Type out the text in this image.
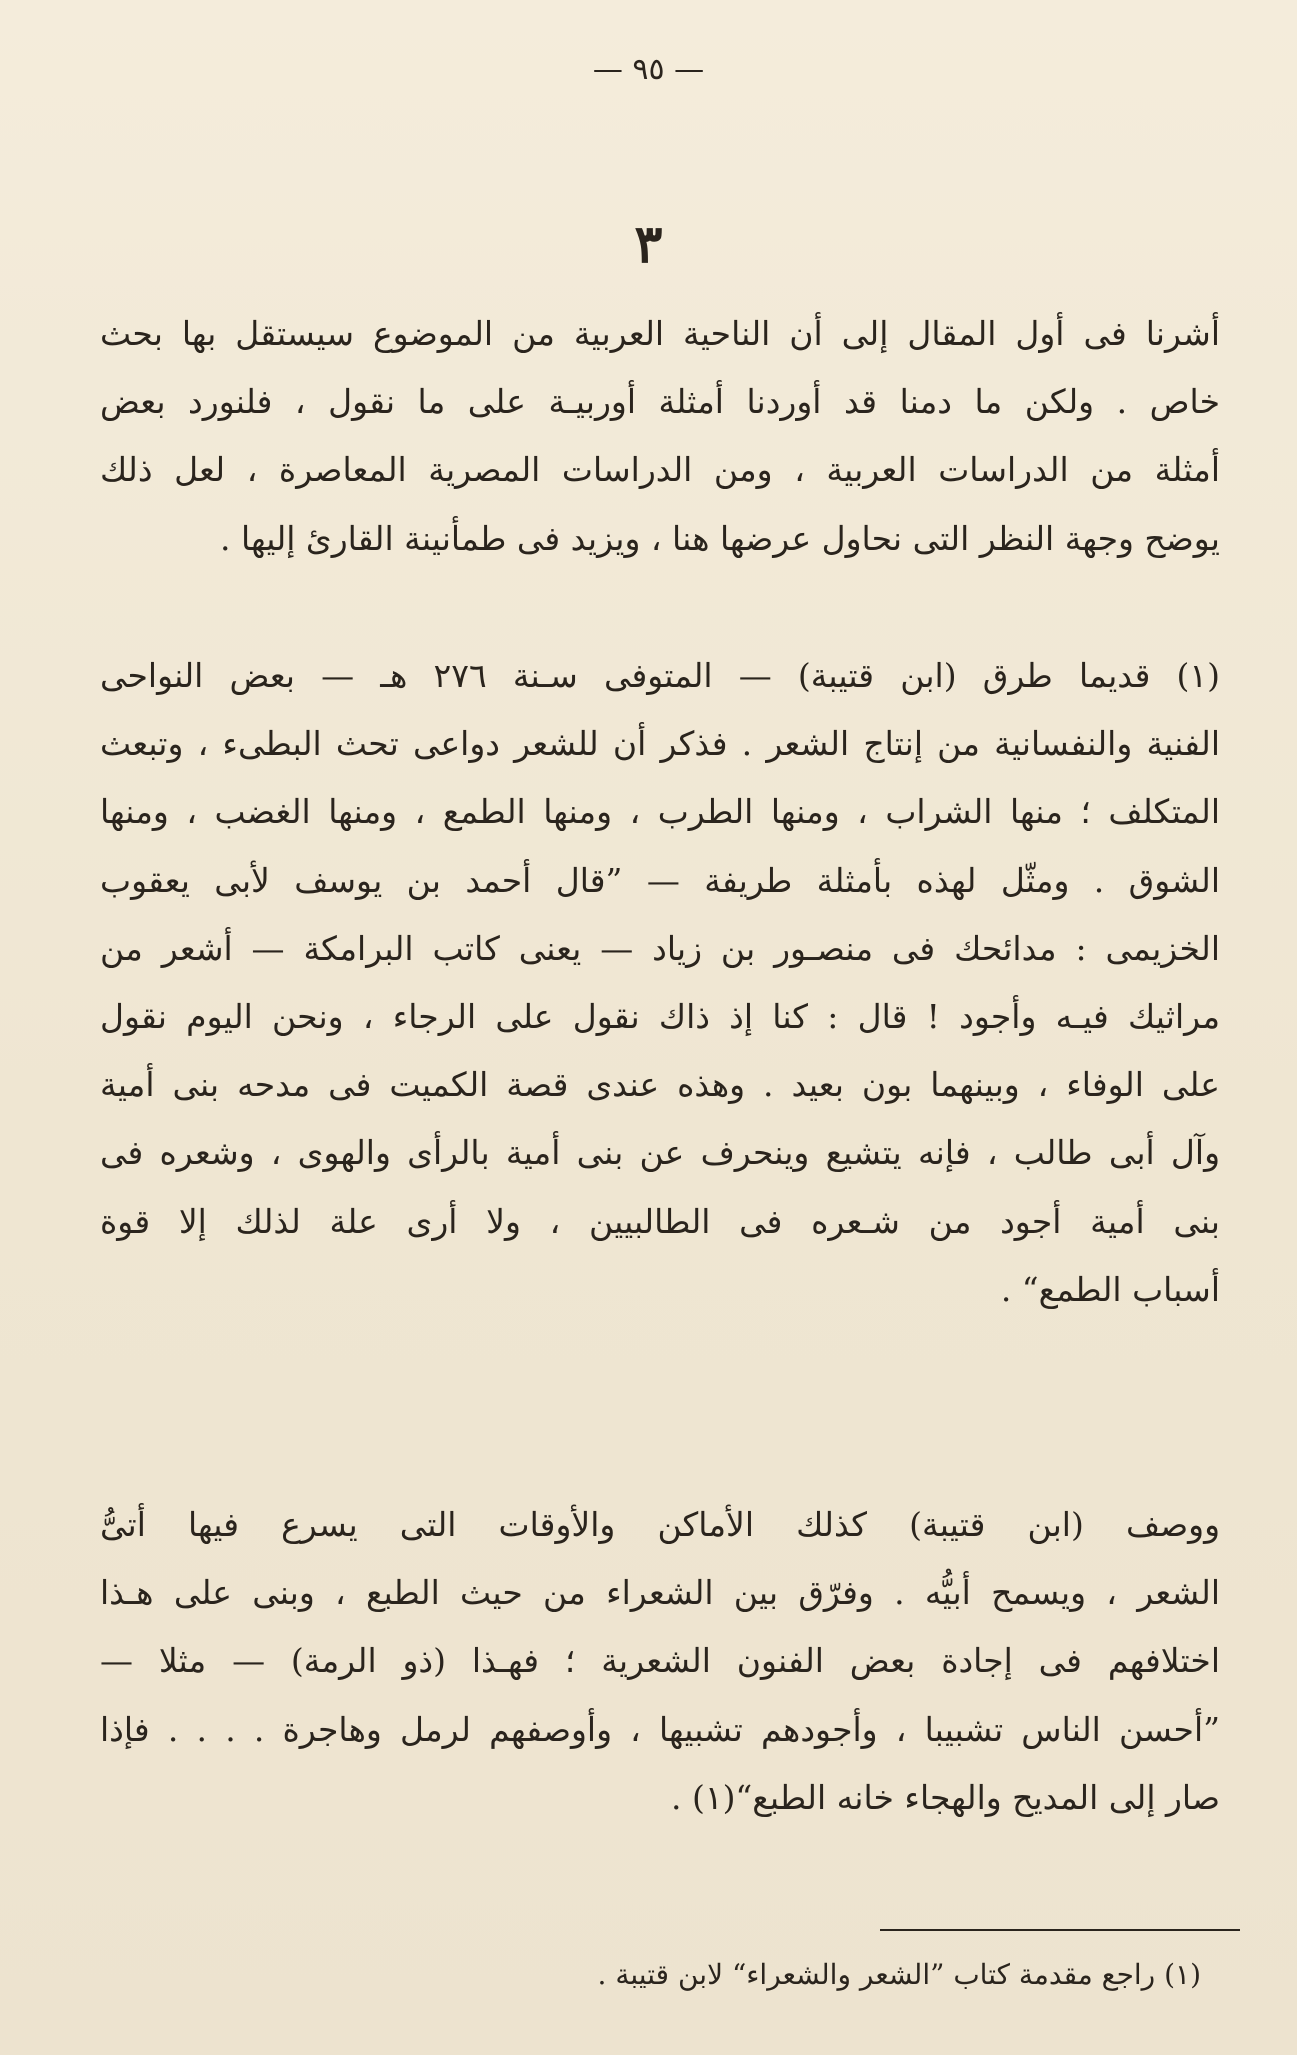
— ٩٥ —
٣
أشرنا فى أول المقال إلى أن الناحية العربية من الموضوع سيستقل بها بحث
خاص . ولكن ما دمنا قد أوردنا أمثلة أوربيـة على ما نقول ، فلنورد بعض
أمثلة من الدراسات العربية ، ومن الدراسات المصرية المعاصرة ، لعل ذلك
يوضح وجهة النظر التى نحاول عرضها هنا ، ويزيد فى طمأنينة القارئ إليها .
(١) قديما طرق (ابن قتيبة) — المتوفى سـنة ٢٧٦ هـ — بعض النواحى
الفنية والنفسانية من إنتاج الشعر . فذكر أن للشعر دواعى تحث البطىء ، وتبعث
المتكلف ؛ منها الشراب ، ومنها الطرب ، ومنها الطمع ، ومنها الغضب ، ومنها
الشوق . ومثّل لهذه بأمثلة طريفة — ”قال أحمد بن يوسف لأبى يعقوب
الخزيمى : مدائحك فى منصـور بن زياد — يعنى كاتب البرامكة — أشعر من
مراثيك فيـه وأجود ! قال : كنا إذ ذاك نقول على الرجاء ، ونحن اليوم نقول
على الوفاء ، وبينهما بون بعيد . وهذه عندى قصة الكميت فى مدحه بنى أمية
وآل أبى طالب ، فإنه يتشيع وينحرف عن بنى أمية بالرأى والهوى ، وشعره فى
بنى أمية أجود من شـعره فى الطالبيين ، ولا أرى علة لذلك إلا قوة
أسباب الطمع“ .
ووصف (ابن قتيبة) كذلك الأماكن والأوقات التى يسرع فيها أتىُّ
الشعر ، ويسمح أبيُّه . وفرّق بين الشعراء من حيث الطبع ، وبنى على هـذا
اختلافهم فى إجادة بعض الفنون الشعرية ؛ فهـذا (ذو الرمة) — مثلا —
”أحسن الناس تشبيبا ، وأجودهم تشبيها ، وأوصفهم لرمل وهاجرة . . . . فإذا
صار إلى المديح والهجاء خانه الطبع“(١) .
(١) راجع مقدمة كتاب ”الشعر والشعراء“ لابن قتيبة .
